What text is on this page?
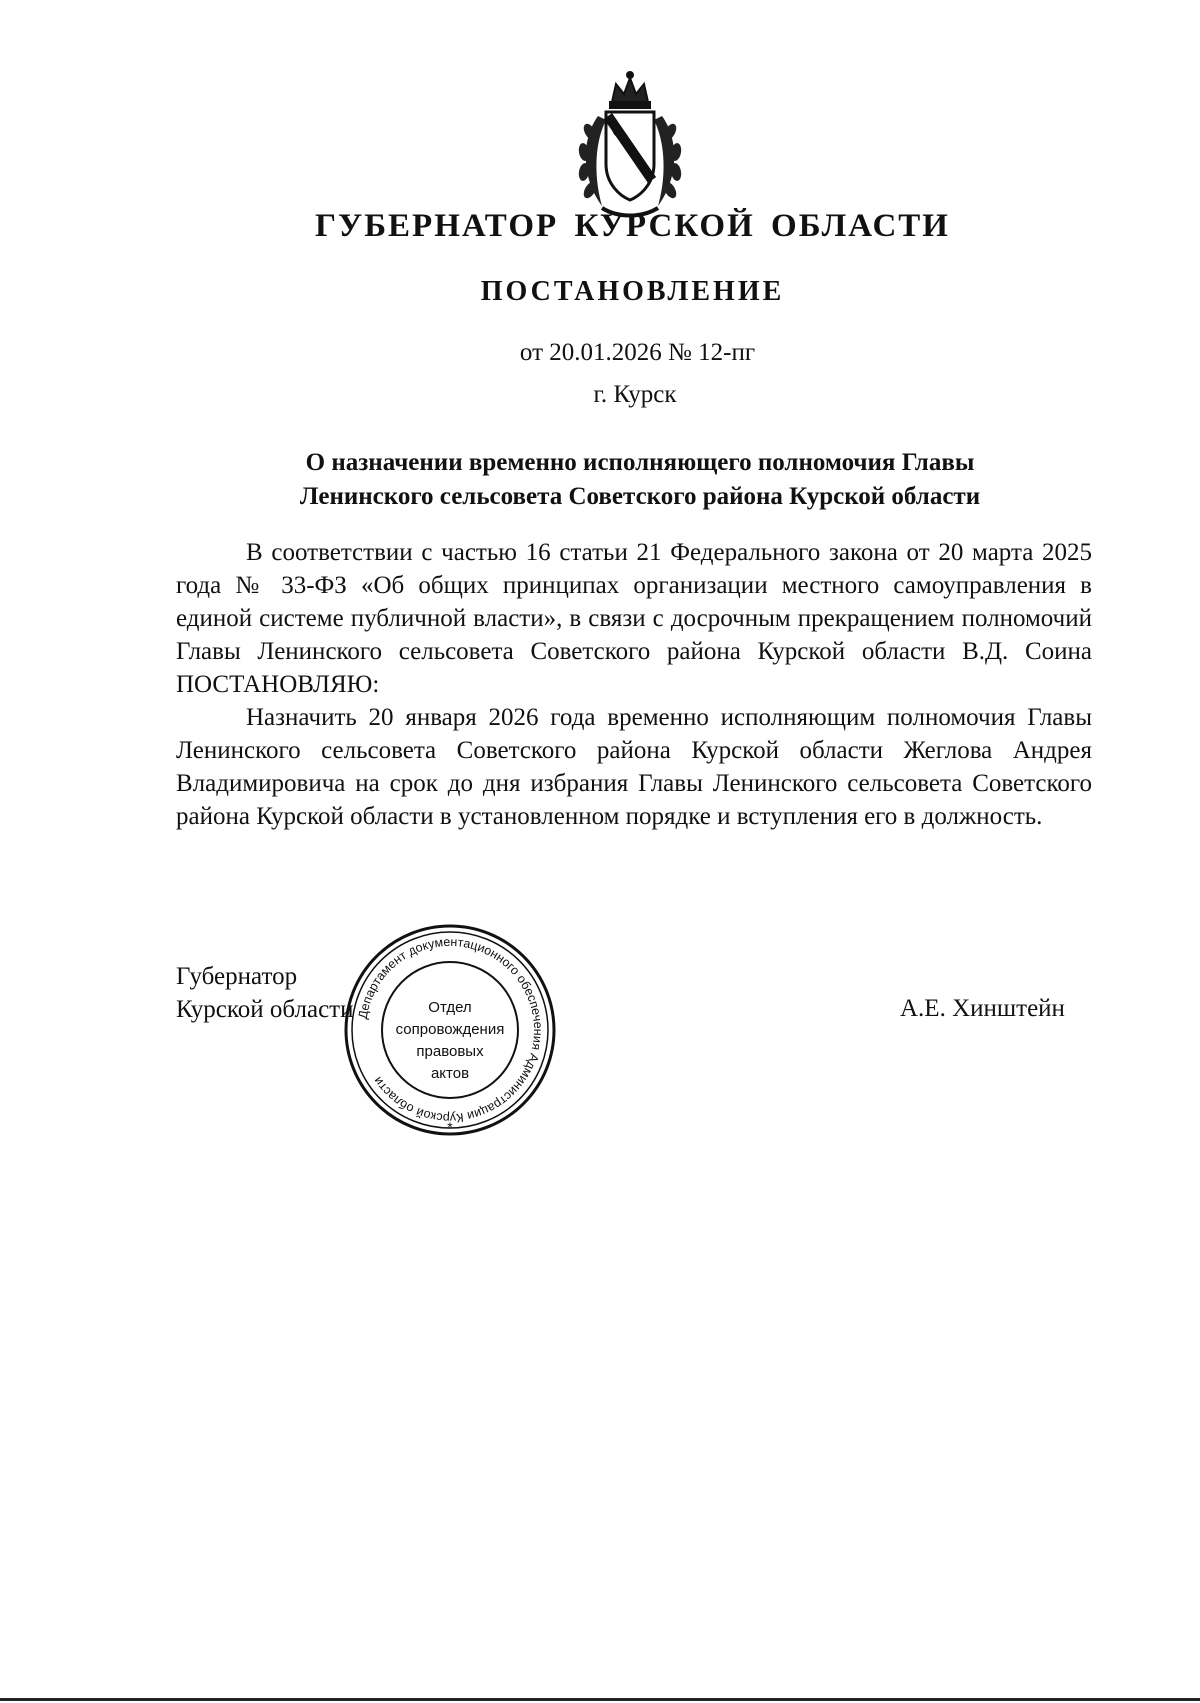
ГУБЕРНАТОР КУРСКОЙ ОБЛАСТИ
ПОСТАНОВЛЕНИЕ

от 20.01.2026 № 12-пг

г. Курск

О назначении временно исполняющего полномочия Главы
Ленинского сельсовета Советского района Курской области

В соответствии с частью 16 статьи 21 Федерального закона от 20 марта 2025 года № 33-ФЗ «Об общих принципах организации местного самоуправления в единой системе публичной власти», в связи с досрочным прекращением полномочий Главы Ленинского сельсовета Советского района Курской области В.Д. Соина ПОСТАНОВЛЯЮ:

Назначить 20 января 2026 года временно исполняющим полномочия Главы Ленинского сельсовета Советского района Курской области Жеглова Андрея Владимировича на срок до дня избрания Главы Ленинского сельсовета Советского района Курской области в установленном порядке и вступления его в должность.

Губернатор
Курской области	А.Е. Хинштейн
Департамент документационного обеспечения Администрации Курской области
Отдел
сопровождения
правовых
актов
*
